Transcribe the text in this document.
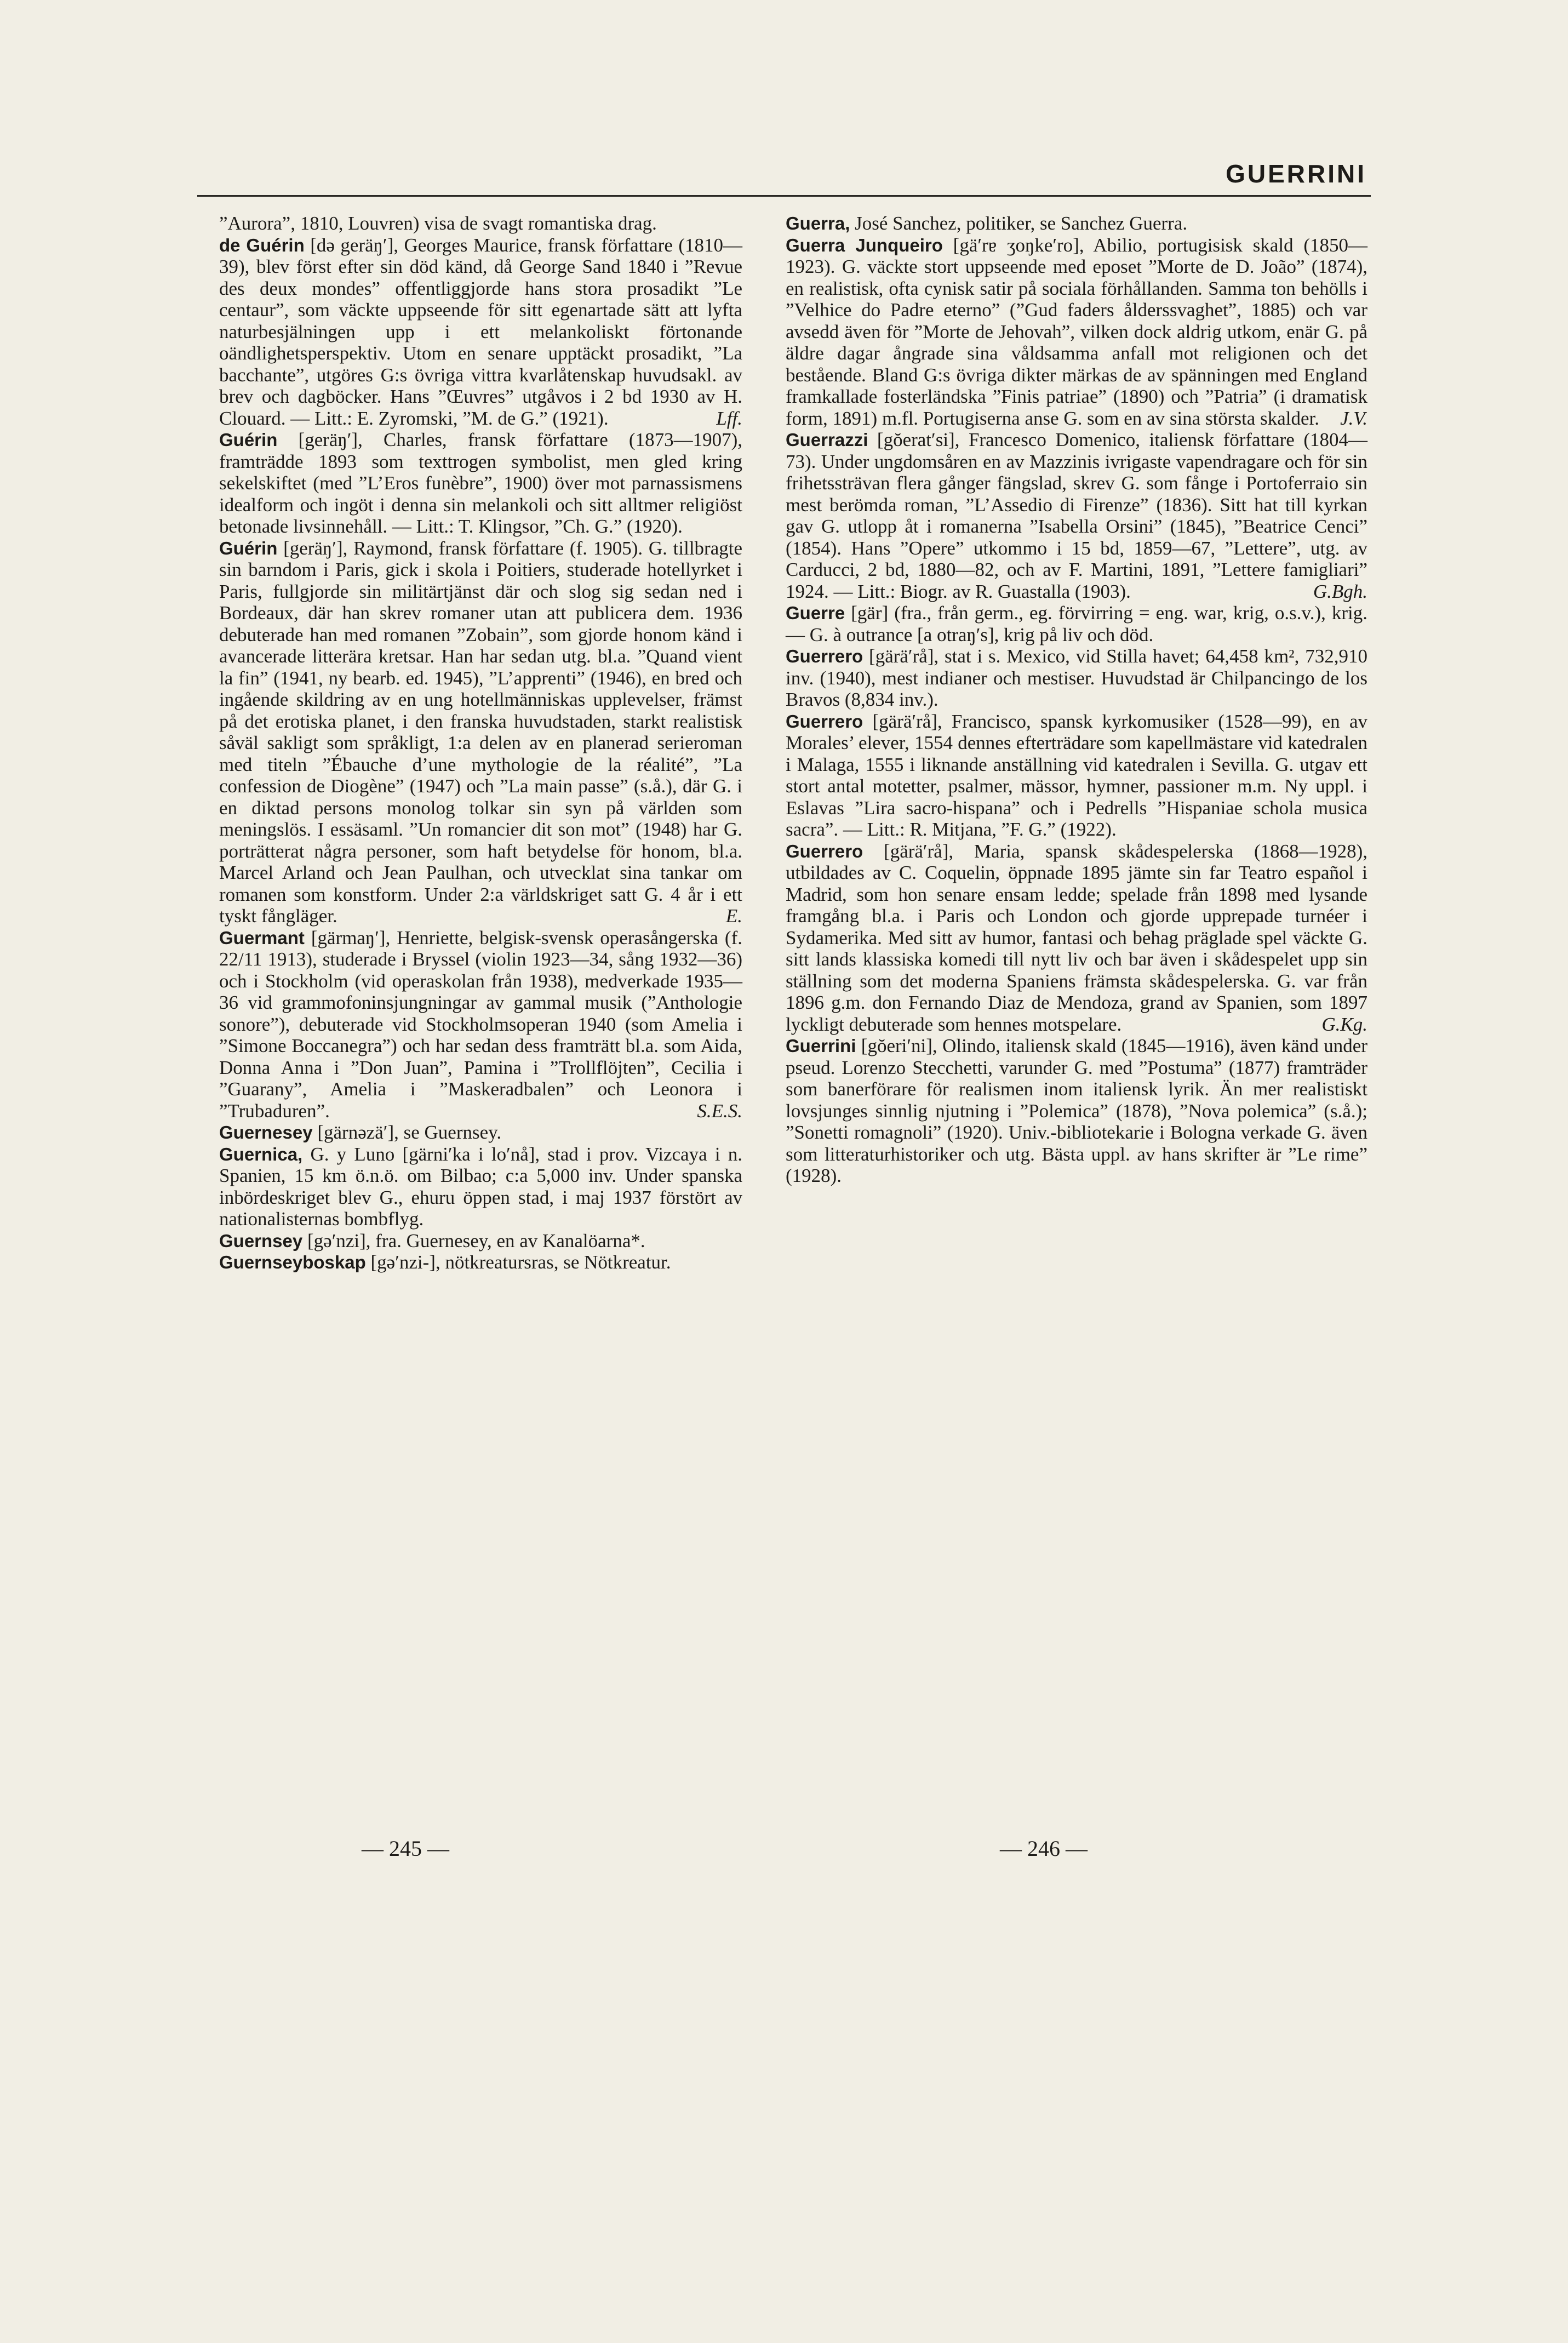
GUERRINI

”Aurora”, 1810, Louvren) visa de svagt romantiska drag.

de Guérin [də geräŋ′], Georges Maurice, fransk författare (1810—39), blev först efter sin död känd, då George Sand 1840 i ”Revue des deux mondes” offentliggjorde hans stora prosadikt ”Le centaur”, som väckte uppseende för sitt egenartade sätt att lyfta naturbesjälningen upp i ett melankoliskt förtonande oändlighetsperspektiv. Utom en senare upptäckt prosadikt, ”La bacchante”, utgöres G:s övriga vittra kvarlåtenskap huvudsakl. av brev och dagböcker. Hans ”Œuvres” utgåvos i 2 bd 1930 av H. Clouard. — Litt.: E. Zyromski, ”M. de G.” (1921).	Lff.

Guérin [geräŋ′], Charles, fransk författare (1873—1907), framträdde 1893 som texttrogen symbolist, men gled kring sekelskiftet (med ”L’Eros funèbre”, 1900) över mot parnassismens idealform och ingöt i denna sin melankoli och sitt alltmer religiöst betonade livsinnehåll. — Litt.: T. Klingsor, ”Ch. G.” (1920).

Guérin [geräŋ′], Raymond, fransk författare (f. 1905). G. tillbragte sin barndom i Paris, gick i skola i Poitiers, studerade hotellyrket i Paris, fullgjorde sin militärtjänst där och slog sig sedan ned i Bordeaux, där han skrev romaner utan att publicera dem. 1936 debuterade han med romanen ”Zobain”, som gjorde honom känd i avancerade litterära kretsar. Han har sedan utg. bl.a. ”Quand vient la fin” (1941, ny bearb. ed. 1945), ”L’apprenti” (1946), en bred och ingående skildring av en ung hotellmänniskas upplevelser, främst på det erotiska planet, i den franska huvudstaden, starkt realistisk såväl sakligt som språkligt, 1:a delen av en planerad serieroman med titeln ”Ébauche d’une mythologie de la réalité”, ”La confession de Diogène” (1947) och ”La main passe” (s.å.), där G. i en diktad persons monolog tolkar sin syn på världen som meningslös. I essäsaml. ”Un romancier dit son mot” (1948) har G. porträtterat några personer, som haft betydelse för honom, bl.a. Marcel Arland och Jean Paulhan, och utvecklat sina tankar om romanen som konstform. Under 2:a världskriget satt G. 4 år i ett tyskt fångläger.	E.

Guermant [gärmaŋ′], Henriette, belgisk-svensk operasångerska (f. 22/11 1913), studerade i Bryssel (violin 1923—34, sång 1932—36) och i Stockholm (vid operaskolan från 1938), medverkade 1935—36 vid grammofoninsjungningar av gammal musik (”Anthologie sonore”), debuterade vid Stockholmsoperan 1940 (som Amelia i ”Simone Boccanegra”) och har sedan dess framträtt bl.a. som Aida, Donna Anna i ”Don Juan”, Pamina i ”Trollflöjten”, Cecilia i ”Guarany”, Amelia i ”Maskeradbalen” och Leonora i ”Trubaduren”.	S.E.S.

Guernesey [gärnəzä′], se Guernsey.

Guernica, G. y Luno [gärni′ka i lo′nå], stad i prov. Vizcaya i n. Spanien, 15 km ö.n.ö. om Bilbao; c:a 5,000 inv. Under spanska inbördeskriget blev G., ehuru öppen stad, i maj 1937 förstört av nationalisternas bombflyg.

Guernsey [gə′nzi], fra. Guernesey, en av Kanalöarna*.

Guernseyboskap [gə′nzi-], nötkreatursras, se Nötkreatur.

Guerra, José Sanchez, politiker, se Sanchez Guerra.

Guerra Junqueiro [gä′rɐ ʒoŋke′ro], Abilio, portugisisk skald (1850—1923). G. väckte stort uppseende med eposet ”Morte de D. João” (1874), en realistisk, ofta cynisk satir på sociala förhållanden. Samma ton behölls i ”Velhice do Padre eterno” (”Gud faders ålderssvaghet”, 1885) och var avsedd även för ”Morte de Jehovah”, vilken dock aldrig utkom, enär G. på äldre dagar ångrade sina våldsamma anfall mot religionen och det bestående. Bland G:s övriga dikter märkas de av spänningen med England framkallade fosterländska ”Finis patriae” (1890) och ”Patria” (i dramatisk form, 1891) m.fl. Portugiserna anse G. som en av sina största skalder. J.V.

Guerrazzi [gŏerat′si], Francesco Domenico, italiensk författare (1804—73). Under ungdomsåren en av Mazzinis ivrigaste vapendragare och för sin frihetssträvan flera gånger fängslad, skrev G. som fånge i Portoferraio sin mest berömda roman, ”L’Assedio di Firenze” (1836). Sitt hat till kyrkan gav G. utlopp åt i romanerna ”Isabella Orsini” (1845), ”Beatrice Cenci” (1854). Hans ”Opere” utkommo i 15 bd, 1859—67, ”Lettere”, utg. av Carducci, 2 bd, 1880—82, och av F. Martini, 1891, ”Lettere famigliari” 1924. — Litt.: Biogr. av R. Guastalla (1903).	G.Bgh.

Guerre [gär] (fra., från germ., eg. förvirring = eng. war, krig, o.s.v.), krig. — G. à outrance [a otraŋ′s], krig på liv och död.

Guerrero [gärä′rå], stat i s. Mexico, vid Stilla havet; 64,458 km², 732,910 inv. (1940), mest indianer och mestiser. Huvudstad är Chilpancingo de los Bravos (8,834 inv.).

Guerrero [gärä′rå], Francisco, spansk kyrkomusiker (1528—99), en av Morales’ elever, 1554 dennes efterträdare som kapellmästare vid katedralen i Malaga, 1555 i liknande anställning vid katedralen i Sevilla. G. utgav ett stort antal motetter, psalmer, mässor, hymner, passioner m.m. Ny uppl. i Eslavas ”Lira sacro-hispana” och i Pedrells ”Hispaniae schola musica sacra”. — Litt.: R. Mitjana, ”F. G.” (1922).

Guerrero [gärä′rå], Maria, spansk skådespelerska (1868—1928), utbildades av C. Coquelin, öppnade 1895 jämte sin far Teatro español i Madrid, som hon senare ensam ledde; spelade från 1898 med lysande framgång bl.a. i Paris och London och gjorde upprepade turnéer i Sydamerika. Med sitt av humor, fantasi och behag präglade spel väckte G. sitt lands klassiska komedi till nytt liv och bar även i skådespelet upp sin ställning som det moderna Spaniens främsta skådespelerska. G. var från 1896 g.m. don Fernando Diaz de Mendoza, grand av Spanien, som 1897 lyckligt debuterade som hennes motspelare.	G.Kg.

Guerrini [gŏeri′ni], Olindo, italiensk skald (1845—1916), även känd under pseud. Lorenzo Stecchetti, varunder G. med ”Postuma” (1877) framträder som banerförare för realismen inom italiensk lyrik. Än mer realistiskt lovsjunges sinnlig njutning i ”Polemica” (1878), ”Nova polemica” (s.å.); ”Sonetti romagnoli” (1920). Univ.-bibliotekarie i Bologna verkade G. även som litteraturhistoriker och utg. Bästa uppl. av hans skrifter är ”Le rime” (1928).

— 245 —	— 246 —
